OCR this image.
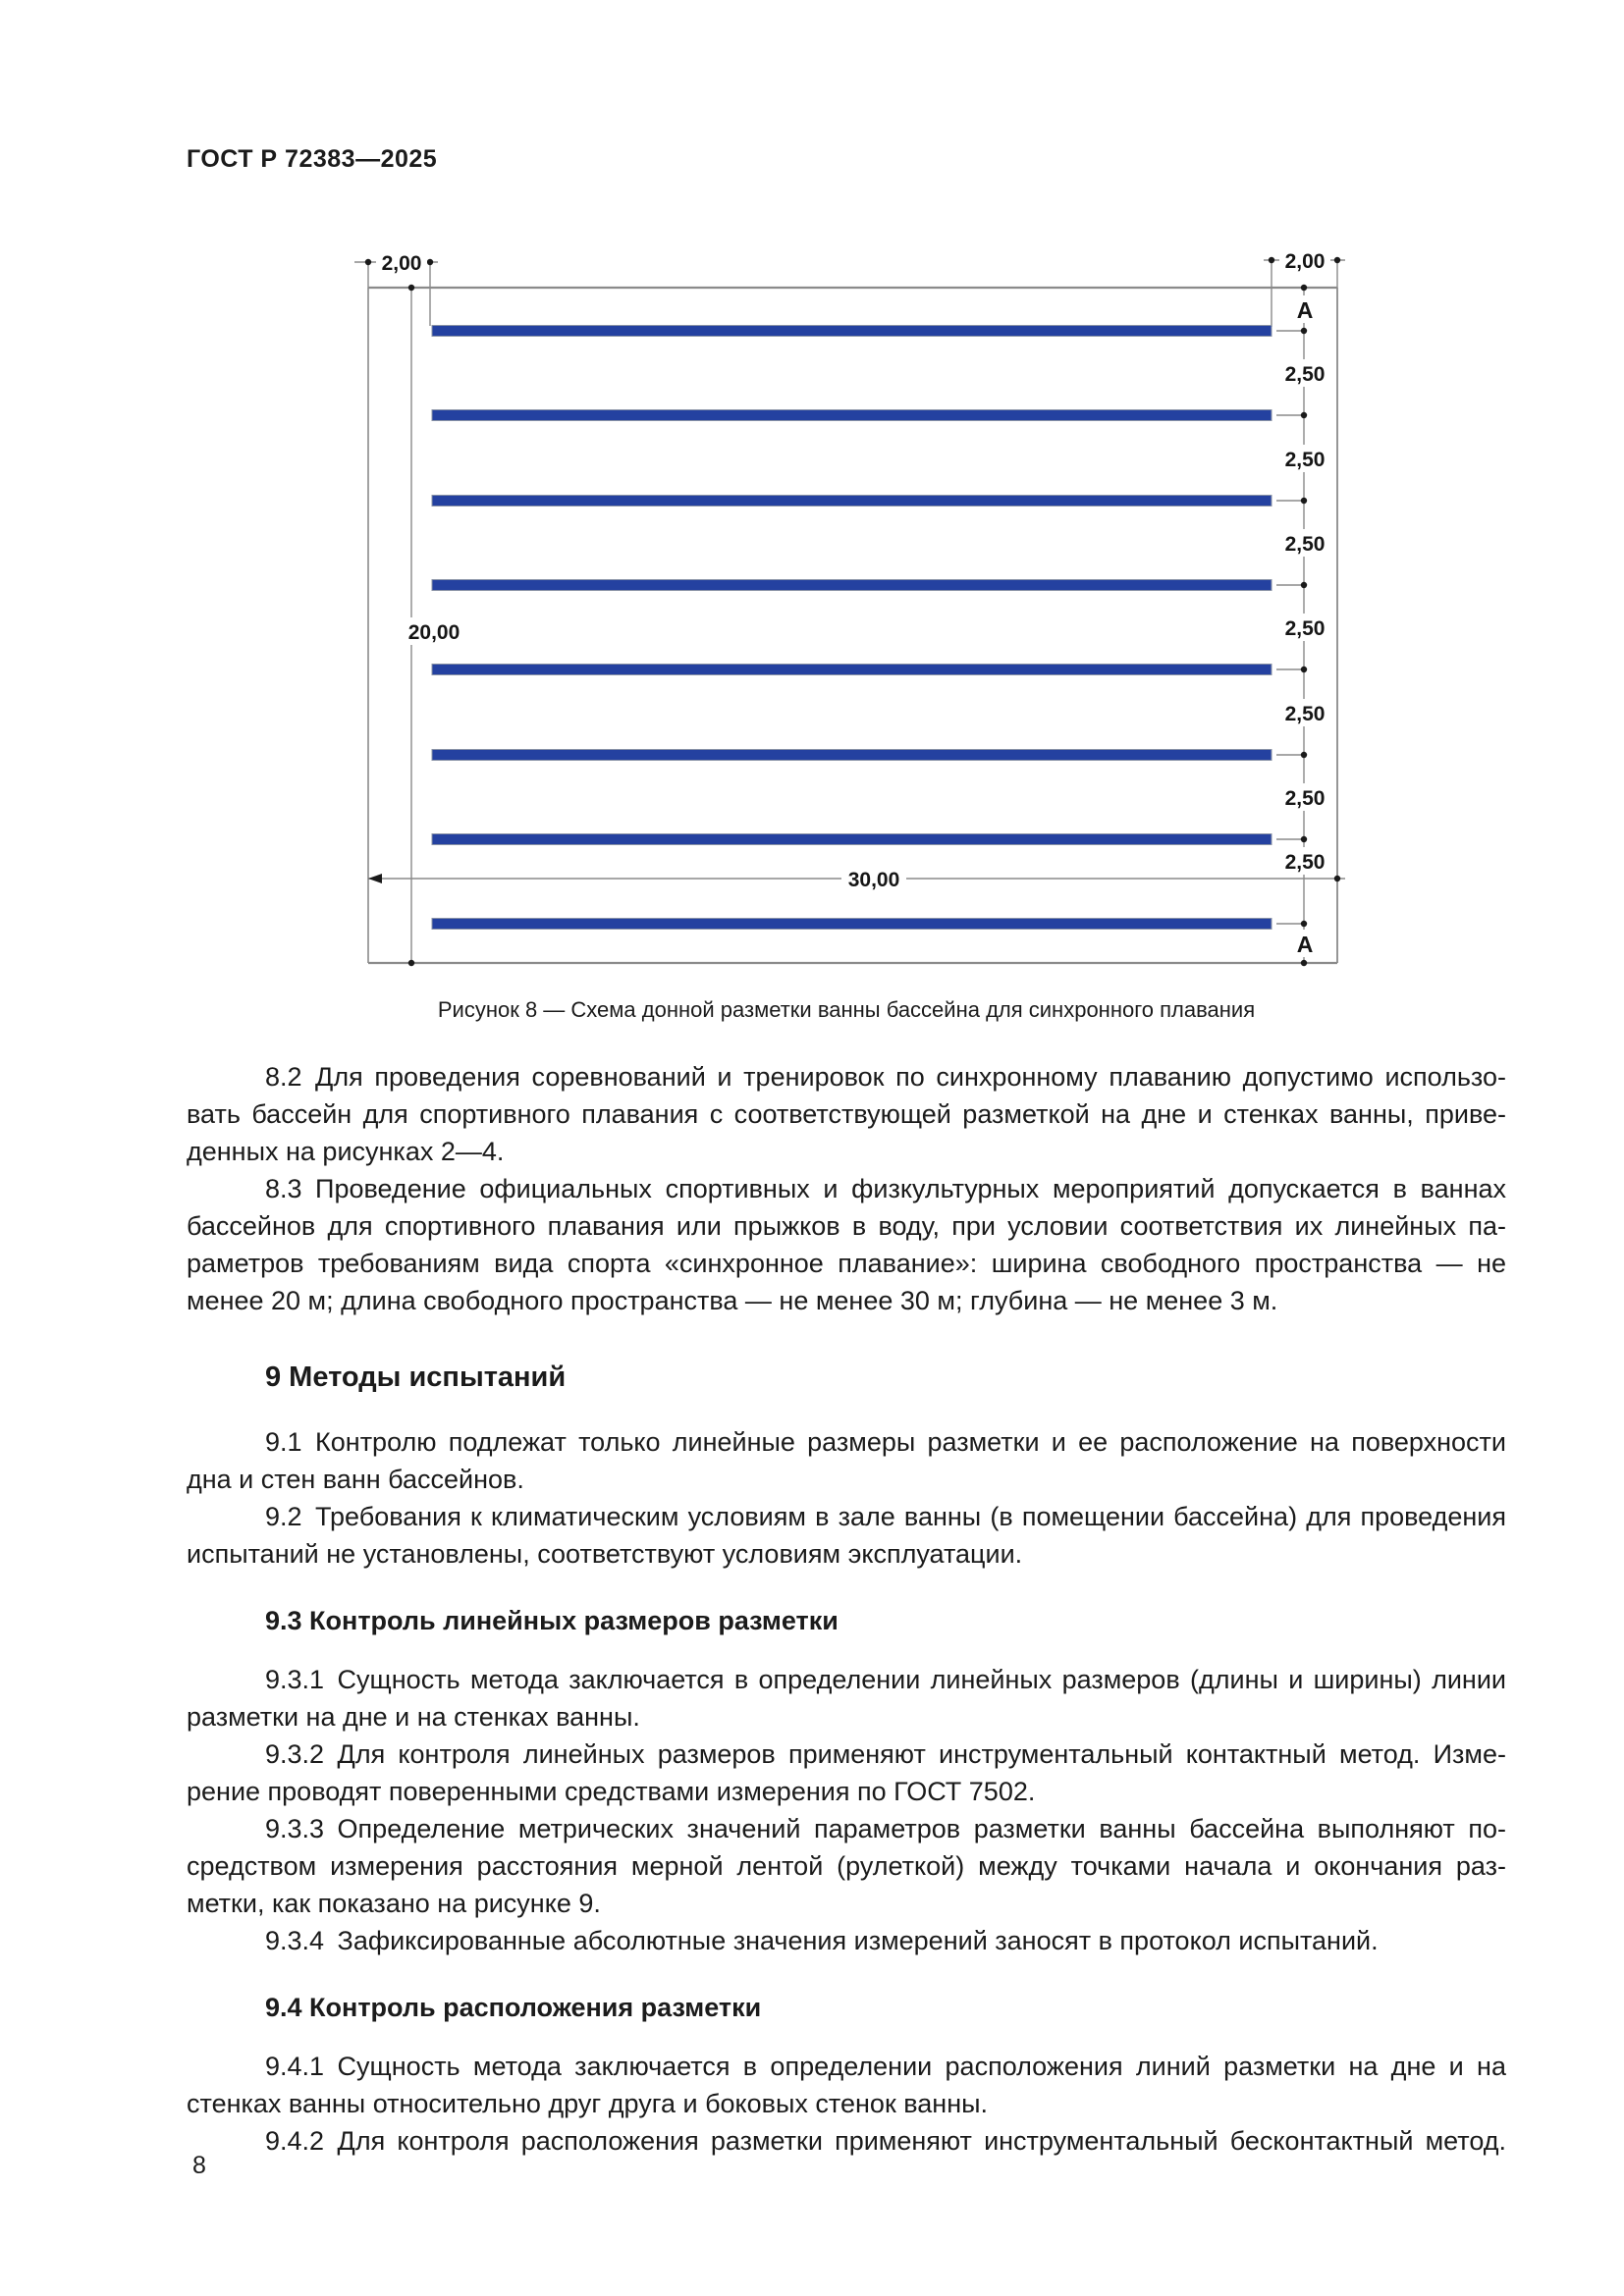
ГОСТ Р 72383—2025
2,50
2,50
2,50
2,50
2,50
2,50
2,50
2,00	2,00
20,00
30,00
A
A
Рисунок 8 — Схема донной разметки ванны бассейна для синхронного плавания
8.2 Для проведения соревнований и тренировок по синхронному плаванию допустимо использо-
вать бассейн для спортивного плавания с соответствующей разметкой на дне и стенках ванны, приве-
денных на рисунках 2—4.
8.3 Проведение официальных спортивных и физкультурных мероприятий допускается в ваннах
бассейнов для спортивного плавания или прыжков в воду, при условии соответствия их линейных па-
раметров требованиям вида спорта «синхронное плавание»: ширина свободного пространства — не
менее 20 м; длина свободного пространства — не менее 30 м; глубина — не менее 3 м.
9 Методы испытаний
9.1 Контролю подлежат только линейные размеры разметки и ее расположение на поверхности
дна и стен ванн бассейнов.
9.2 Требования к климатическим условиям в зале ванны (в помещении бассейна) для проведения
испытаний не установлены, соответствуют условиям эксплуатации.
9.3 Контроль линейных размеров разметки
9.3.1 Сущность метода заключается в определении линейных размеров (длины и ширины) линии
разметки на дне и на стенках ванны.
9.3.2 Для контроля линейных размеров применяют инструментальный контактный метод. Изме-
рение проводят поверенными средствами измерения по ГОСТ 7502.
9.3.3 Определение метрических значений параметров разметки ванны бассейна выполняют по-
средством измерения расстояния мерной лентой (рулеткой) между точками начала и окончания раз-
метки, как показано на рисунке 9.
9.3.4 Зафиксированные абсолютные значения измерений заносят в протокол испытаний.
9.4 Контроль расположения разметки
9.4.1 Сущность метода заключается в определении расположения линий разметки на дне и на
стенках ванны относительно друг друга и боковых стенок ванны.
9.4.2 Для контроля расположения разметки применяют инструментальный бесконтактный метод.
8
